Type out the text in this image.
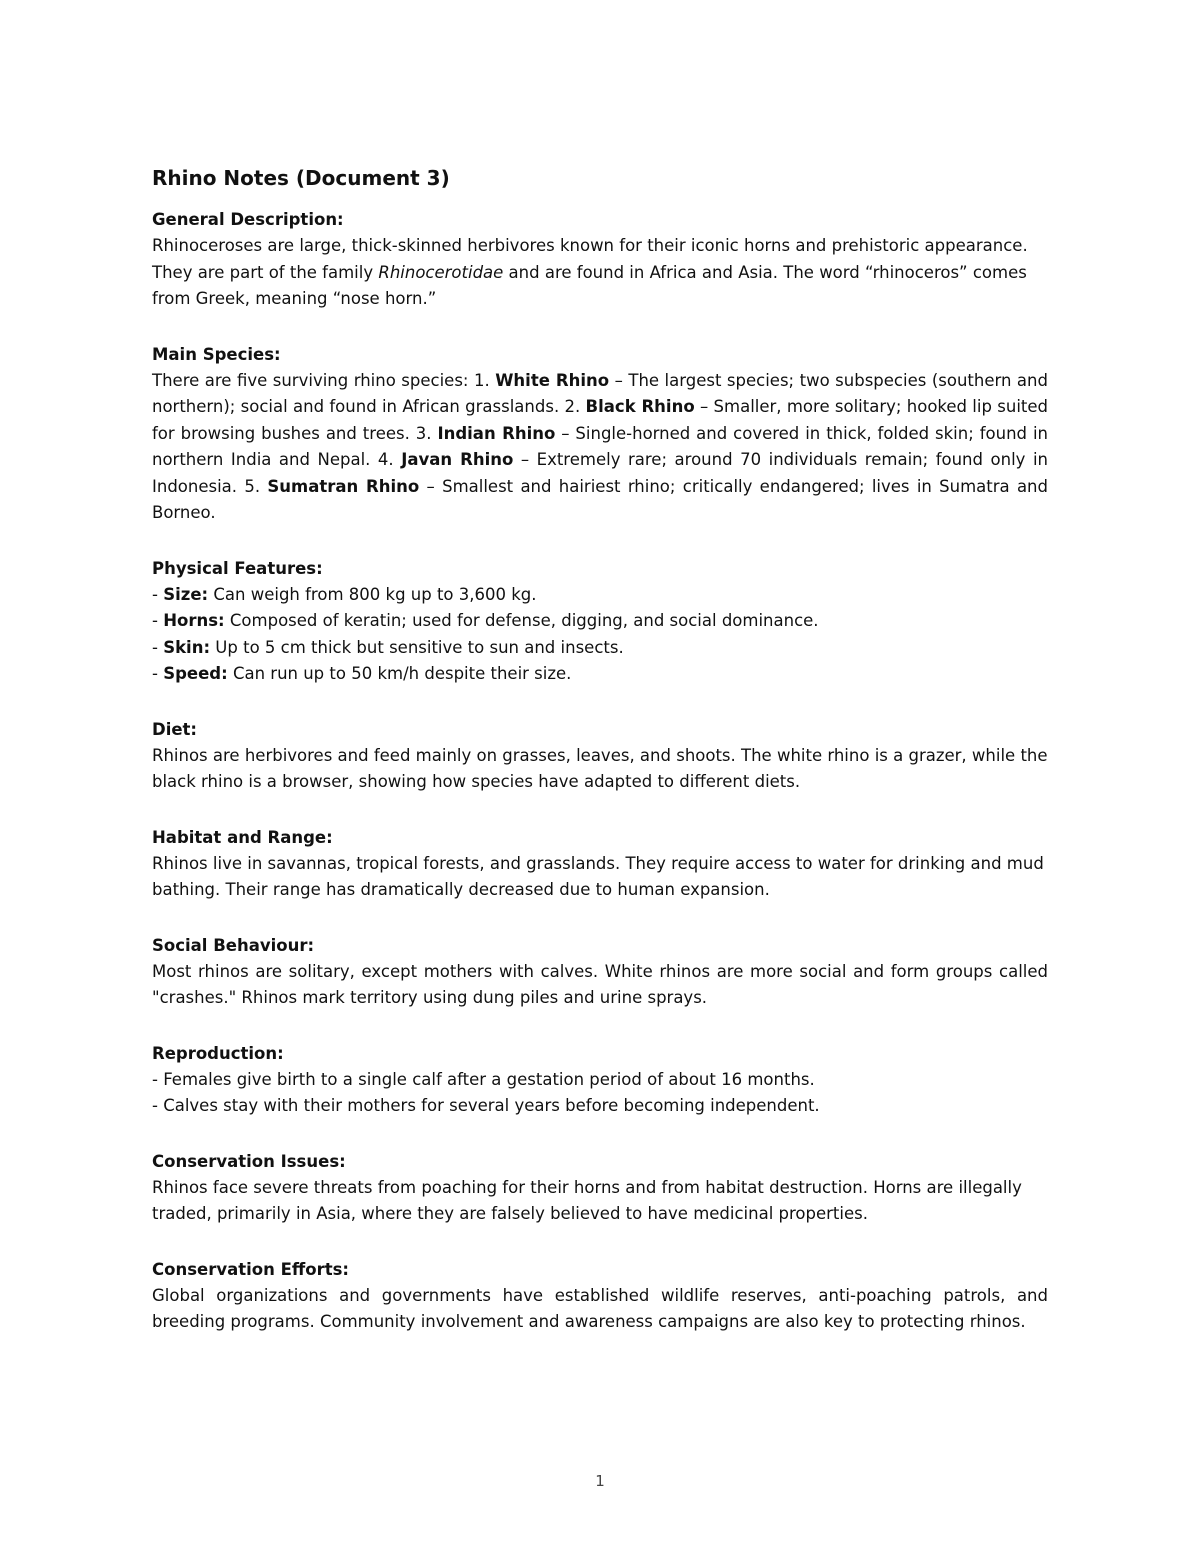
Rhino Notes (Document 3)
General Description:

Rhinoceroses are large, thick-skinned herbivores known for their iconic horns and prehistoric appearance. They are part of the family Rhinocerotidae and are found in Africa and Asia. The word “rhinoceros” comes from Greek, meaning “nose horn.”

Main Species:

There are five surviving rhino species: 1. White Rhino – The largest species; two subspecies (southern and northern); social and found in African grasslands. 2. Black Rhino – Smaller, more solitary; hooked lip suited for browsing bushes and trees. 3. Indian Rhino – Single-horned and covered in thick, folded skin; found in northern India and Nepal. 4. Javan Rhino – Extremely rare; around 70 individuals remain; found only in Indonesia. 5. Sumatran Rhino – Smallest and hairiest rhino; critically endangered; lives in Sumatra and Borneo.

Physical Features:
- Size: Can weigh from 800 kg up to 3,600 kg.
- Horns: Composed of keratin; used for defense, digging, and social dominance.
- Skin: Up to 5 cm thick but sensitive to sun and insects.
- Speed: Can run up to 50 km/h despite their size.
Diet:

Rhinos are herbivores and feed mainly on grasses, leaves, and shoots. The white rhino is a grazer, while the black rhino is a browser, showing how species have adapted to different diets.

Habitat and Range:

Rhinos live in savannas, tropical forests, and grasslands. They require access to water for drinking and mud bathing. Their range has dramatically decreased due to human expansion.

Social Behaviour:

Most rhinos are solitary, except mothers with calves. White rhinos are more social and form groups called "crashes." Rhinos mark territory using dung piles and urine sprays.

Reproduction:
- Females give birth to a single calf after a gestation period of about 16 months.
- Calves stay with their mothers for several years before becoming independent.
Conservation Issues:

Rhinos face severe threats from poaching for their horns and from habitat destruction. Horns are illegally traded, primarily in Asia, where they are falsely believed to have medicinal properties.

Conservation Efforts:

Global organizations and governments have established wildlife reserves, anti-poaching patrols, and breeding programs. Community involvement and awareness campaigns are also key to protecting rhinos.

1
